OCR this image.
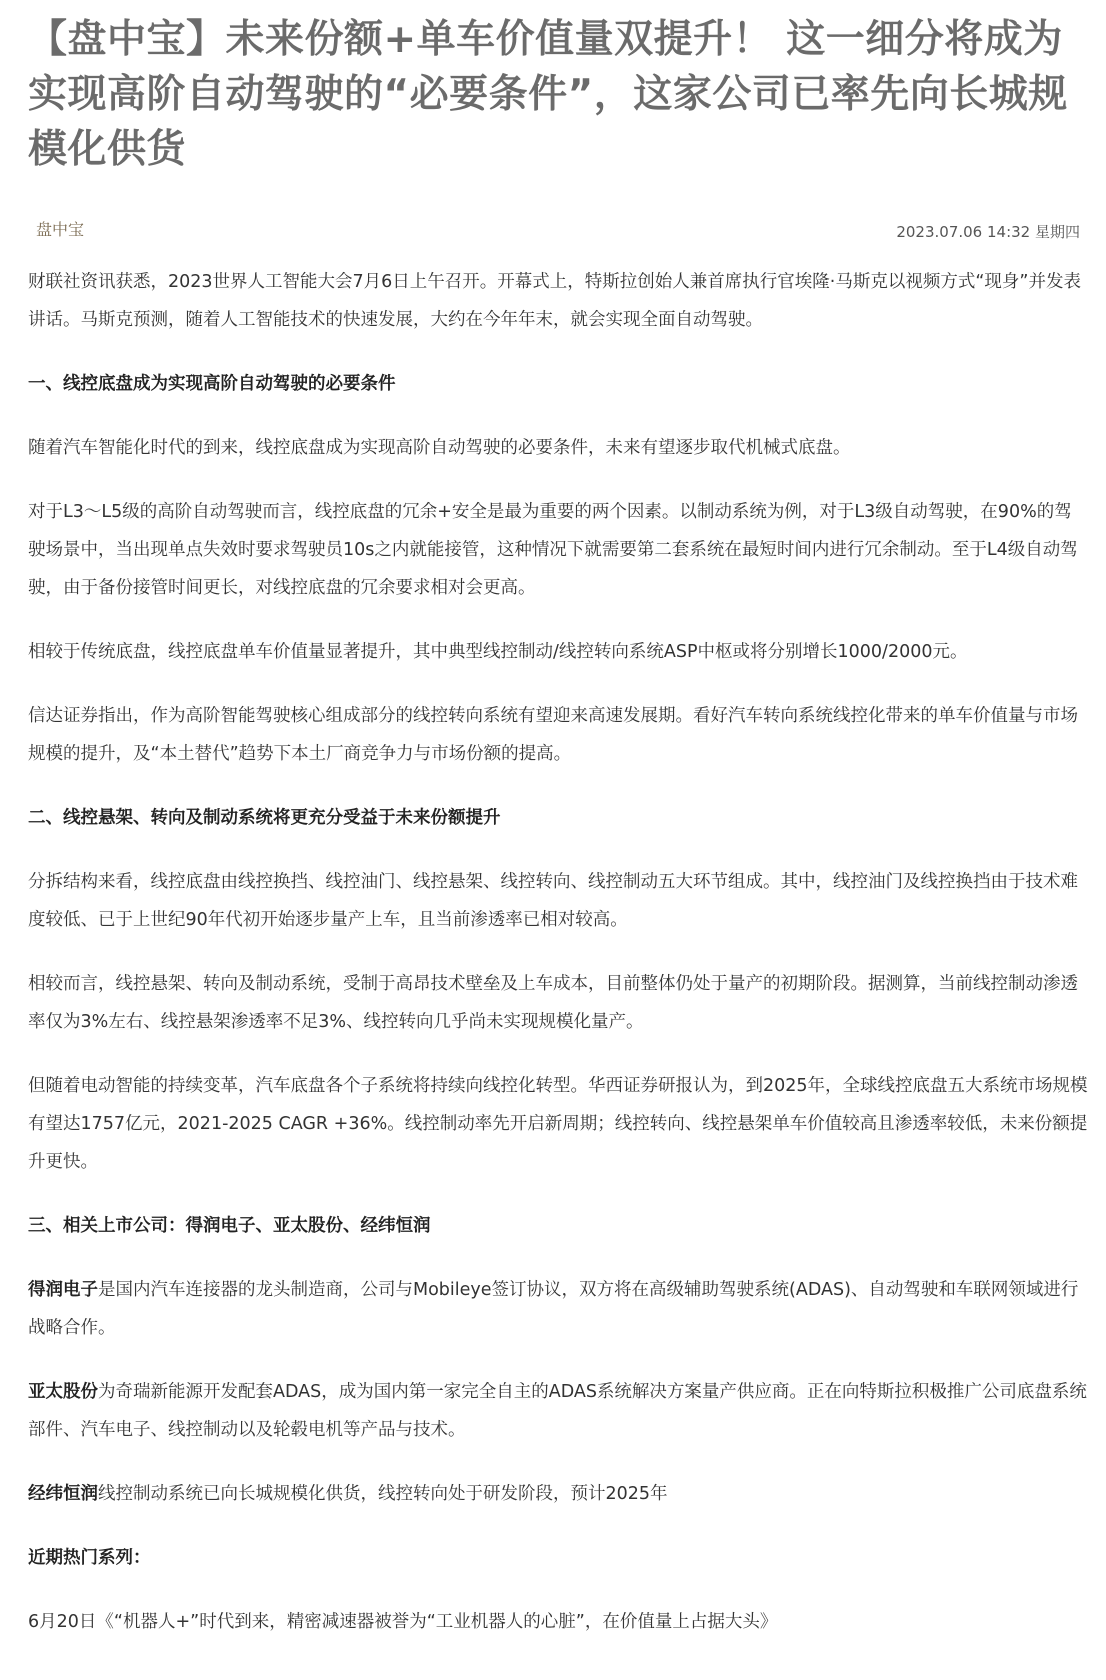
【盘中宝】未来份额+单车价值量双提升！ 这一细分将成为实现高阶自动驾驶的“必要条件”，这家公司已率先向长城规模化供货
盘中宝	2023.07.06 14:32 星期四

财联社资讯获悉，2023世界人工智能大会7月6日上午召开。开幕式上，特斯拉创始人兼首席执行官埃隆·马斯克以视频方式“现身”并发表讲话。马斯克预测，随着人工智能技术的快速发展，大约在今年年末，就会实现全面自动驾驶。

一、线控底盘成为实现高阶自动驾驶的必要条件

随着汽车智能化时代的到来，线控底盘成为实现高阶自动驾驶的必要条件，未来有望逐步取代机械式底盘。

对于L3～L5级的高阶自动驾驶而言，线控底盘的冗余+安全是最为重要的两个因素。以制动系统为例，对于L3级自动驾驶，在90%的驾驶场景中，当出现单点失效时要求驾驶员10s之内就能接管，这种情况下就需要第二套系统在最短时间内进行冗余制动。至于L4级自动驾驶，由于备份接管时间更长，对线控底盘的冗余要求相对会更高。

相较于传统底盘，线控底盘单车价值量显著提升，其中典型线控制动/线控转向系统ASP中枢或将分别增长1000/2000元。

信达证券指出，作为高阶智能驾驶核心组成部分的线控转向系统有望迎来高速发展期。看好汽车转向系统线控化带来的单车价值量与市场规模的提升，及“本土替代”趋势下本土厂商竞争力与市场份额的提高。

二、线控悬架、转向及制动系统将更充分受益于未来份额提升

分拆结构来看，线控底盘由线控换挡、线控油门、线控悬架、线控转向、线控制动五大环节组成。其中，线控油门及线控换挡由于技术难度较低、已于上世纪90年代初开始逐步量产上车，且当前渗透率已相对较高。

相较而言，线控悬架、转向及制动系统，受制于高昂技术壁垒及上车成本，目前整体仍处于量产的初期阶段。据测算，当前线控制动渗透率仅为3%左右、线控悬架渗透率不足3%、线控转向几乎尚未实现规模化量产。

但随着电动智能的持续变革，汽车底盘各个子系统将持续向线控化转型。华西证券研报认为，到2025年，全球线控底盘五大系统市场规模有望达1757亿元，2021-2025 CAGR +36%。线控制动率先开启新周期；线控转向、线控悬架单车价值较高且渗透率较低，未来份额提升更快。

三、相关上市公司：得润电子、亚太股份、经纬恒润

得润电子是国内汽车连接器的龙头制造商，公司与Mobileye签订协议，双方将在高级辅助驾驶系统(ADAS)、自动驾驶和车联网领域进行战略合作。

亚太股份为奇瑞新能源开发配套ADAS，成为国内第一家完全自主的ADAS系统解决方案量产供应商。正在向特斯拉积极推广公司底盘系统部件、汽车电子、线控制动以及轮毂电机等产品与技术。

经纬恒润线控制动系统已向长城规模化供货，线控转向处于研发阶段，预计2025年

近期热门系列：

6月20日《“机器人+”时代到来，精密减速器被誉为“工业机器人的心脏”，在价值量上占据大头》
